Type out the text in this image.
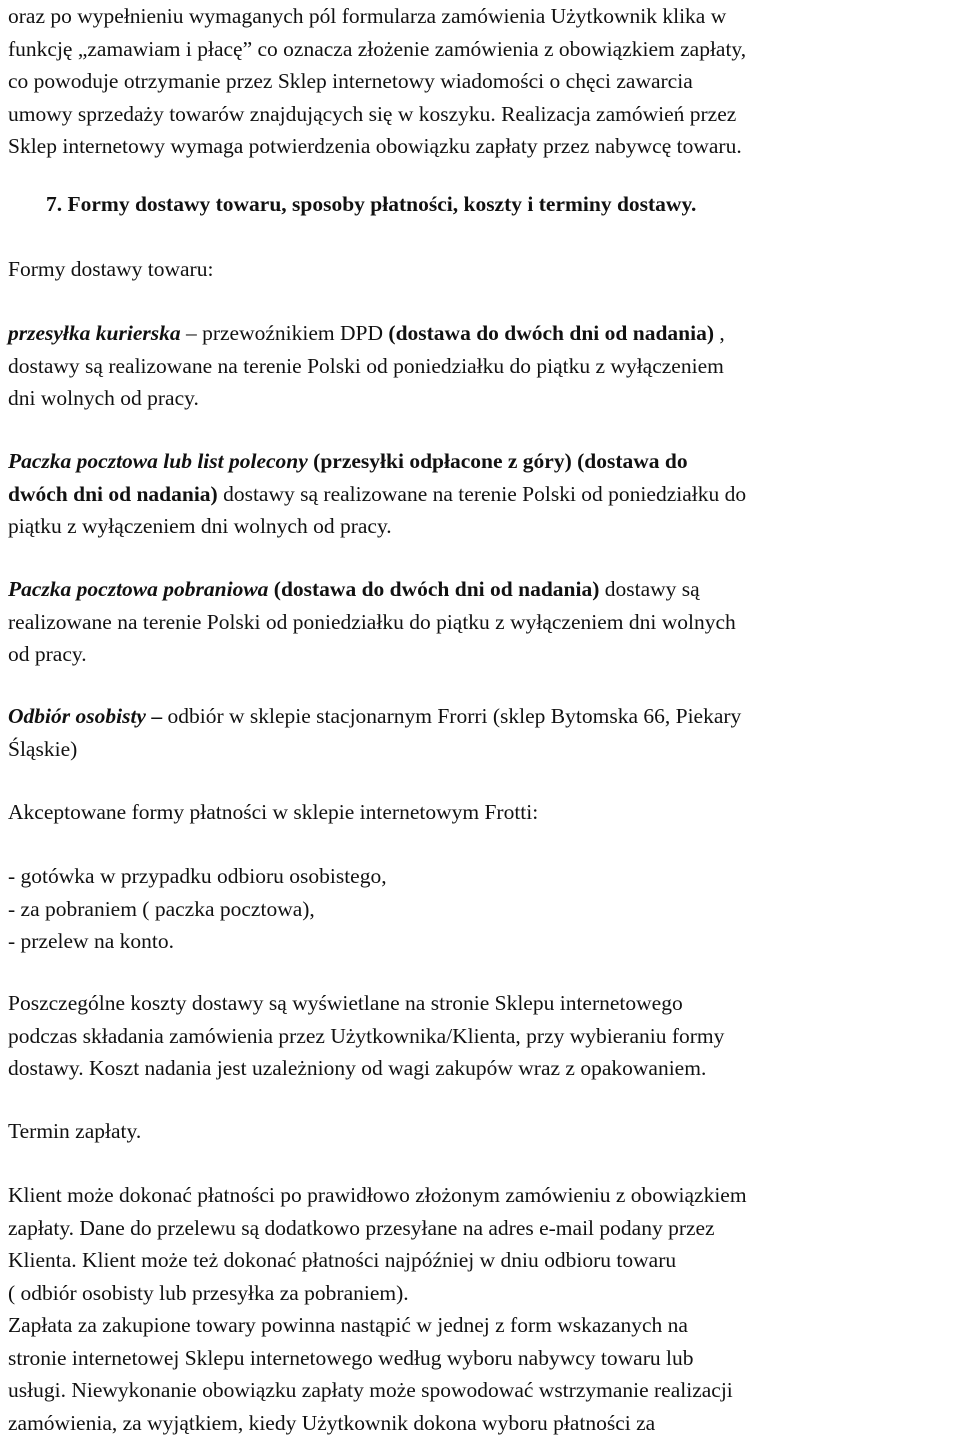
oraz po wypełnieniu wymaganych pól formularza zamówienia Użytkownik klika w
funkcję „zamawiam i płacę” co oznacza złożenie zamówienia z obowiązkiem zapłaty,
co powoduje otrzymanie przez Sklep internetowy wiadomości o chęci zawarcia
umowy sprzedaży towarów znajdujących się w koszyku. Realizacja zamówień przez
Sklep internetowy wymaga potwierdzenia obowiązku zapłaty przez nabywcę towaru.

7. Formy dostawy towaru, sposoby płatności, koszty i terminy dostawy.

Formy dostawy towaru:

przesyłka kurierska – przewoźnikiem DPD (dostawa do dwóch dni od nadania) ,
dostawy są realizowane na terenie Polski od poniedziałku do piątku z wyłączeniem
dni wolnych od pracy.

Paczka pocztowa lub list polecony (przesyłki odpłacone z góry) (dostawa do
dwóch dni od nadania) dostawy są realizowane na terenie Polski od poniedziałku do
piątku z wyłączeniem dni wolnych od pracy.

Paczka pocztowa pobraniowa (dostawa do dwóch dni od nadania) dostawy są
realizowane na terenie Polski od poniedziałku do piątku z wyłączeniem dni wolnych
od pracy.

Odbiór osobisty – odbiór w sklepie stacjonarnym Frorri (sklep Bytomska 66, Piekary
Śląskie)

Akceptowane formy płatności w sklepie internetowym Frotti:

- gotówka w przypadku odbioru osobistego,
- za pobraniem ( paczka pocztowa),
- przelew na konto.

Poszczególne koszty dostawy są wyświetlane na stronie Sklepu internetowego
podczas składania zamówienia przez Użytkownika/Klienta, przy wybieraniu formy
dostawy. Koszt nadania jest uzależniony od wagi zakupów wraz z opakowaniem.

Termin zapłaty.

Klient może dokonać płatności po prawidłowo złożonym zamówieniu z obowiązkiem
zapłaty. Dane do przelewu są dodatkowo przesyłane na adres e-mail podany przez
Klienta. Klient może też dokonać płatności najpóźniej w dniu odbioru towaru
( odbiór osobisty lub przesyłka za pobraniem).
Zapłata za zakupione towary powinna nastąpić w jednej z form wskazanych na
stronie internetowej Sklepu internetowego według wyboru nabywcy towaru lub
usługi. Niewykonanie obowiązku zapłaty może spowodować wstrzymanie realizacji
zamówienia, za wyjątkiem, kiedy Użytkownik dokona wyboru płatności za
